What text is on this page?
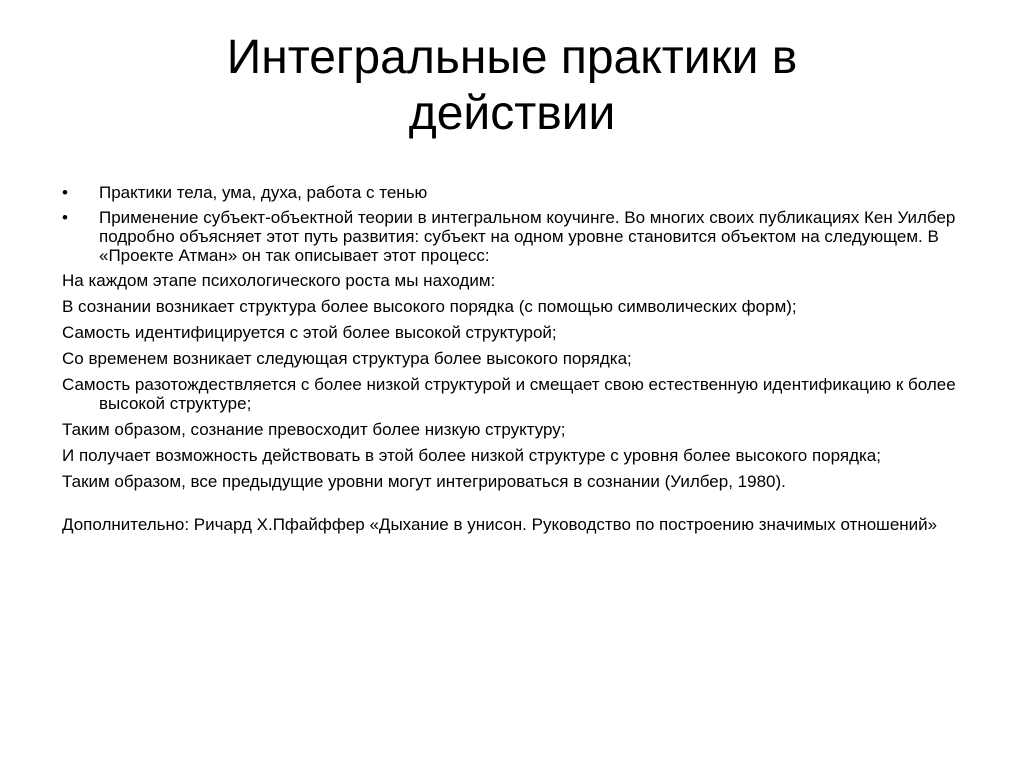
Интегральные практики в
действии
• Практики тела, ума, духа, работа с тенью
• Применение субъект-объектной теории в интегральном коучинге. Во многих своих публикациях Кен Уилбер подробно объясняет этот путь развития: субъект на одном уровне становится объектом на следующем. В «Проекте Атман» он так описывает этот процесс:
На каждом этапе психологического роста мы находим:
В сознании возникает структура более высокого порядка (с помощью символических форм);
Самость идентифицируется с этой более высокой структурой;
Со временем возникает следующая структура более высокого порядка;
Самость разотождествляется с более низкой структурой и смещает свою естественную идентификацию к более высокой структуре;
Таким образом, сознание превосходит более низкую структуру;
И получает возможность действовать в этой более низкой структуре с уровня более высокого порядка;
Таким образом, все предыдущие уровни могут интегрироваться в сознании (Уилбер, 1980).
Дополнительно: Ричард Х.Пфайффер «Дыхание в унисон. Руководство по построению значимых отношений»
